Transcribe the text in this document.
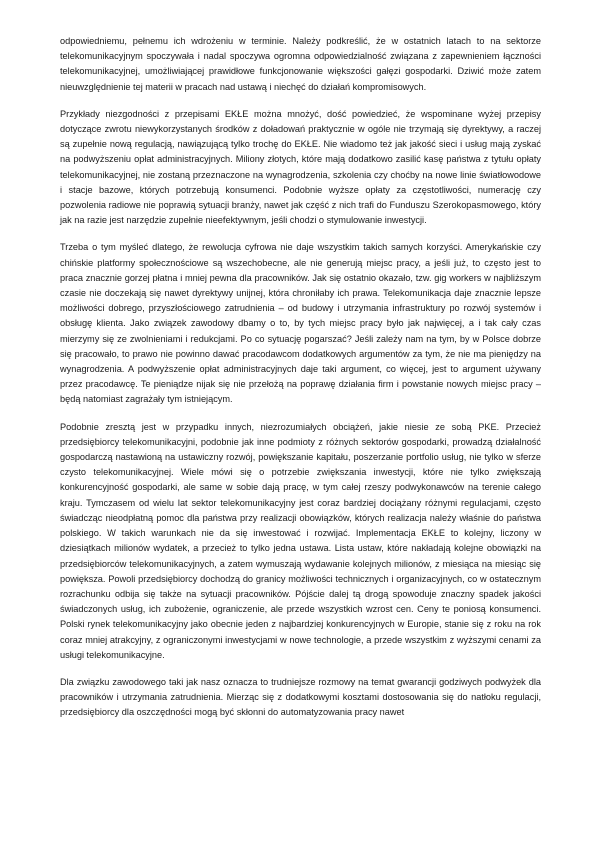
odpowiedniemu, pełnemu ich wdrożeniu w terminie. Należy podkreślić, że w ostatnich latach to na sektorze telekomunikacyjnym spoczywała i nadal spoczywa ogromna odpowiedzialność związana z zapewnieniem łączności telekomunikacyjnej, umożliwiającej prawidłowe funkcjonowanie większości gałęzi gospodarki. Dziwić może zatem nieuwzględnienie tej materii w pracach nad ustawą i niechęć do działań kompromisowych.

Przykłady niezgodności z przepisami EKŁE można mnożyć, dość powiedzieć, że wspominane wyżej przepisy dotyczące zwrotu niewykorzystanych środków z doładowań praktycznie w ogóle nie trzymają się dyrektywy, a raczej są zupełnie nową regulacją, nawiązującą tylko trochę do EKŁE. Nie wiadomo też jak jakość sieci i usług mają zyskać na podwyższeniu opłat administracyjnych. Miliony złotych, które mają dodatkowo zasilić kasę państwa z tytułu opłaty telekomunikacyjnej, nie zostaną przeznaczone na wynagrodzenia, szkolenia czy choćby na nowe linie światłowodowe i stacje bazowe, których potrzebują konsumenci. Podobnie wyższe opłaty za częstotliwości, numerację czy pozwolenia radiowe nie poprawią sytuacji branży, nawet jak część z nich trafi do Funduszu Szerokopasmowego, który jak na razie jest narzędzie zupełnie nieefektywnym, jeśli chodzi o stymulowanie inwestycji.

Trzeba o tym myśleć dlatego, że rewolucja cyfrowa nie daje wszystkim takich samych korzyści. Amerykańskie czy chińskie platformy społecznościowe są wszechobecne, ale nie generują miejsc pracy, a jeśli już, to często jest to praca znacznie gorzej płatna i mniej pewna dla pracowników. Jak się ostatnio okazało, tzw. gig workers w najbliższym czasie nie doczekają się nawet dyrektywy unijnej, która chroniłaby ich prawa. Telekomunikacja daje znacznie lepsze możliwości dobrego, przyszłościowego zatrudnienia – od budowy i utrzymania infrastruktury po rozwój systemów i obsługę klienta. Jako związek zawodowy dbamy o to, by tych miejsc pracy było jak najwięcej, a i tak cały czas mierzymy się ze zwolnieniami i redukcjami. Po co sytuację pogarszać? Jeśli zależy nam na tym, by w Polsce dobrze się pracowało, to prawo nie powinno dawać pracodawcom dodatkowych argumentów za tym, że nie ma pieniędzy na wynagrodzenia. A podwyższenie opłat administracyjnych daje taki argument, co więcej, jest to argument używany przez pracodawcę. Te pieniądze nijak się nie przełożą na poprawę działania firm i powstanie nowych miejsc pracy – będą natomiast zagrażały tym istniejącym.

Podobnie zresztą jest w przypadku innych, niezrozumiałych obciążeń, jakie niesie ze sobą PKE. Przecież przedsiębiorcy telekomunikacyjni, podobnie jak inne podmioty z różnych sektorów gospodarki, prowadzą działalność gospodarczą nastawioną na ustawiczny rozwój, powiększanie kapitału, poszerzanie portfolio usług, nie tylko w sferze czysto telekomunikacyjnej. Wiele mówi się o potrzebie zwiększania inwestycji, które nie tylko zwiększają konkurencyjność gospodarki, ale same w sobie dają pracę, w tym całej rzeszy podwykonawców na terenie całego kraju. Tymczasem od wielu lat sektor telekomunikacyjny jest coraz bardziej dociążany różnymi regulacjami, często świadcząc nieodpłatną pomoc dla państwa przy realizacji obowiązków, których realizacja należy właśnie do państwa polskiego. W takich warunkach nie da się inwestować i rozwijać. Implementacja EKŁE to kolejny, liczony w dziesiątkach milionów wydatek, a przecież to tylko jedna ustawa. Lista ustaw, które nakładają kolejne obowiązki na przedsiębiorców telekomunikacyjnych, a zatem wymuszają wydawanie kolejnych milionów, z miesiąca na miesiąc się powiększa. Powoli przedsiębiorcy dochodzą do granicy możliwości technicznych i organizacyjnych, co w ostatecznym rozrachunku odbija się także na sytuacji pracowników. Pójście dalej tą drogą spowoduje znaczny spadek jakości świadczonych usług, ich zubożenie, ograniczenie, ale przede wszystkich wzrost cen. Ceny te poniosą konsumenci. Polski rynek telekomunikacyjny jako obecnie jeden z najbardziej konkurencyjnych w Europie, stanie się z roku na rok coraz mniej atrakcyjny, z ograniczonymi inwestycjami w nowe technologie, a przede wszystkim z wyższymi cenami za usługi telekomunikacyjne.

Dla związku zawodowego taki jak nasz oznacza to trudniejsze rozmowy na temat gwarancji godziwych podwyżek dla pracowników i utrzymania zatrudnienia. Mierząc się z dodatkowymi kosztami dostosowania się do natłoku regulacji, przedsiębiorcy dla oszczędności mogą być skłonni do automatyzowania pracy nawet
